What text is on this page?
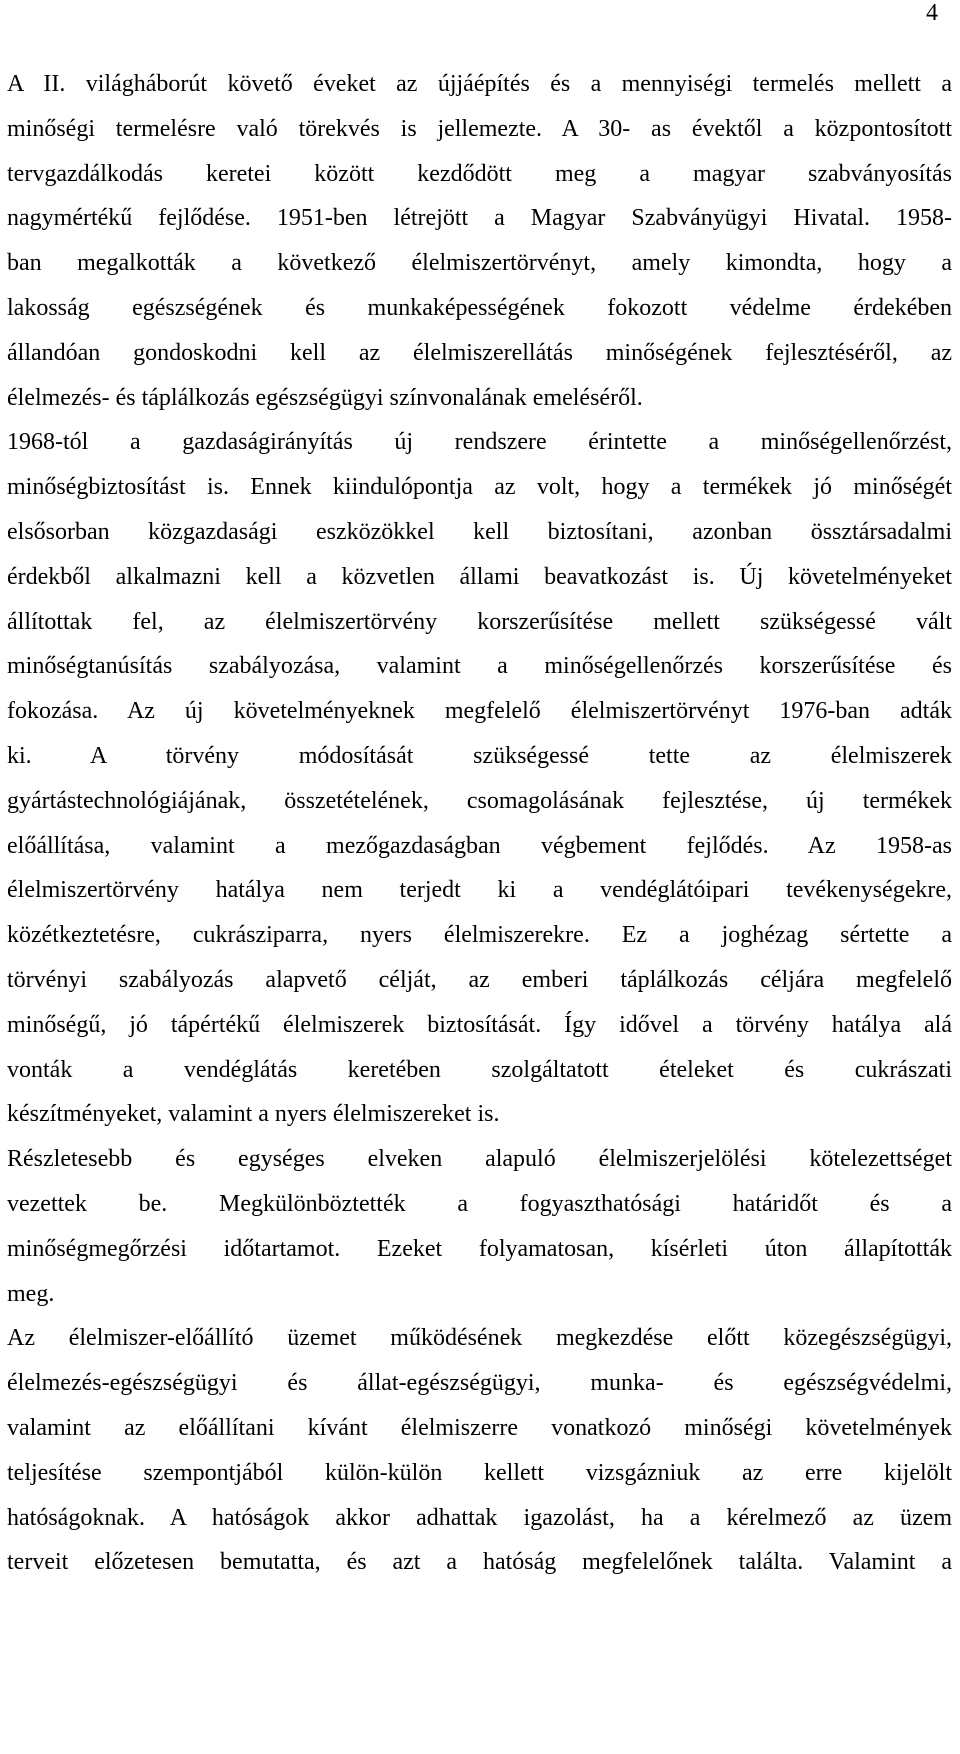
4
A II. világháborút követő éveket az újjáépítés és a mennyiségi termelés mellett a
minőségi termelésre való törekvés is jellemezte. A 30- as évektől a központosított
tervgazdálkodás keretei között kezdődött meg a magyar szabványosítás
nagymértékű fejlődése. 1951-ben létrejött a Magyar Szabványügyi Hivatal. 1958-
ban megalkották a következő élelmiszertörvényt, amely kimondta, hogy a
lakosság egészségének és munkaképességének fokozott védelme érdekében
állandóan gondoskodni kell az élelmiszerellátás minőségének fejlesztéséről, az
élelmezés- és táplálkozás egészségügyi színvonalának emeléséről.
1968-tól a gazdaságirányítás új rendszere érintette a minőségellenőrzést,
minőségbiztosítást is. Ennek kiindulópontja az volt, hogy a termékek jó minőségét
elsősorban közgazdasági eszközökkel kell biztosítani, azonban össztársadalmi
érdekből alkalmazni kell a közvetlen állami beavatkozást is. Új követelményeket
állítottak fel, az élelmiszertörvény korszerűsítése mellett szükségessé vált
minőségtanúsítás szabályozása, valamint a minőségellenőrzés korszerűsítése és
fokozása. Az új követelményeknek megfelelő élelmiszertörvényt 1976-ban adták
ki. A törvény módosítását szükségessé tette az élelmiszerek
gyártástechnológiájának, összetételének, csomagolásának fejlesztése, új termékek
előállítása, valamint a mezőgazdaságban végbement fejlődés. Az 1958-as
élelmiszertörvény hatálya nem terjedt ki a vendéglátóipari tevékenységekre,
közétkeztetésre, cukrásziparra, nyers élelmiszerekre. Ez a joghézag sértette a
törvényi szabályozás alapvető célját, az emberi táplálkozás céljára megfelelő
minőségű, jó tápértékű élelmiszerek biztosítását. Így idővel a törvény hatálya alá
vonták a vendéglátás keretében szolgáltatott ételeket és cukrászati
készítményeket, valamint a nyers élelmiszereket is.
Részletesebb és egységes elveken alapuló élelmiszerjelölési kötelezettséget
vezettek be. Megkülönböztették a fogyaszthatósági határidőt és a
minőségmegőrzési időtartamot. Ezeket folyamatosan, kísérleti úton állapították
meg.
Az élelmiszer-előállító üzemet működésének megkezdése előtt közegészségügyi,
élelmezés-egészségügyi és állat-egészségügyi, munka- és egészségvédelmi,
valamint az előállítani kívánt élelmiszerre vonatkozó minőségi követelmények
teljesítése szempontjából külön-külön kellett vizsgázniuk az erre kijelölt
hatóságoknak. A hatóságok akkor adhattak igazolást, ha a kérelmező az üzem
terveit előzetesen bemutatta, és azt a hatóság megfelelőnek találta. Valamint a
